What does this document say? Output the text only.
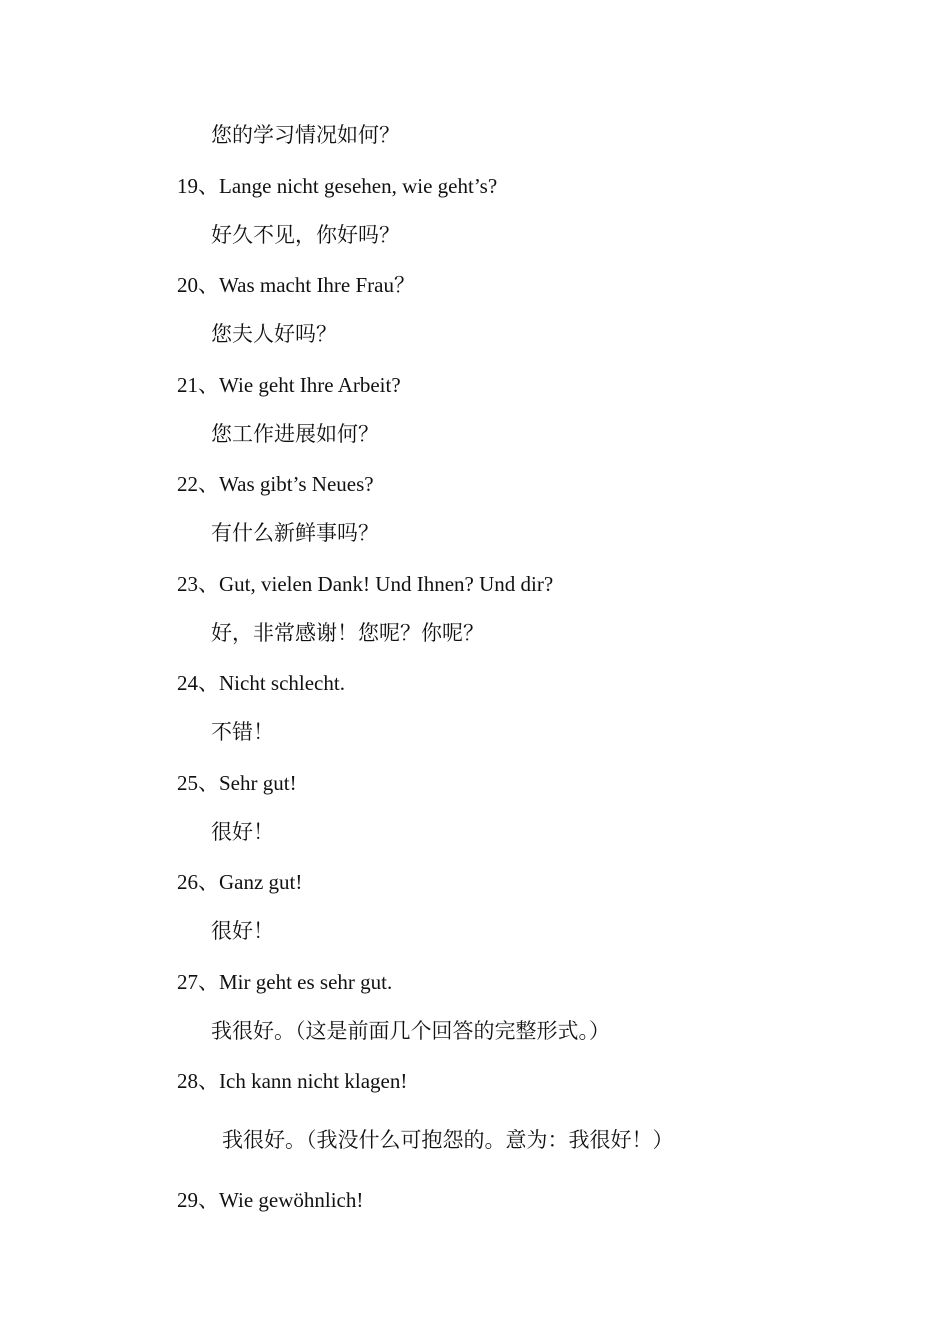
您的学习情况如何？
19、Lange nicht gesehen, wie geht’s?
好久不见，你好吗？
20、Was macht Ihre Frau？
您夫人好吗？
21、Wie geht Ihre Arbeit?
您工作进展如何？
22、Was gibt’s Neues?
有什么新鲜事吗？
23、Gut, vielen Dank! Und Ihnen? Und dir?
好，非常感谢！您呢？你呢？
24、Nicht schlecht.
不错！
25、Sehr gut!
很好！
26、Ganz gut!
很好！
27、Mir geht es sehr gut.
我很好。（这是前面几个回答的完整形式。）
28、Ich kann nicht klagen!
我很好。（我没什么可抱怨的。意为：我很好！）
29、Wie gewöhnlich!
